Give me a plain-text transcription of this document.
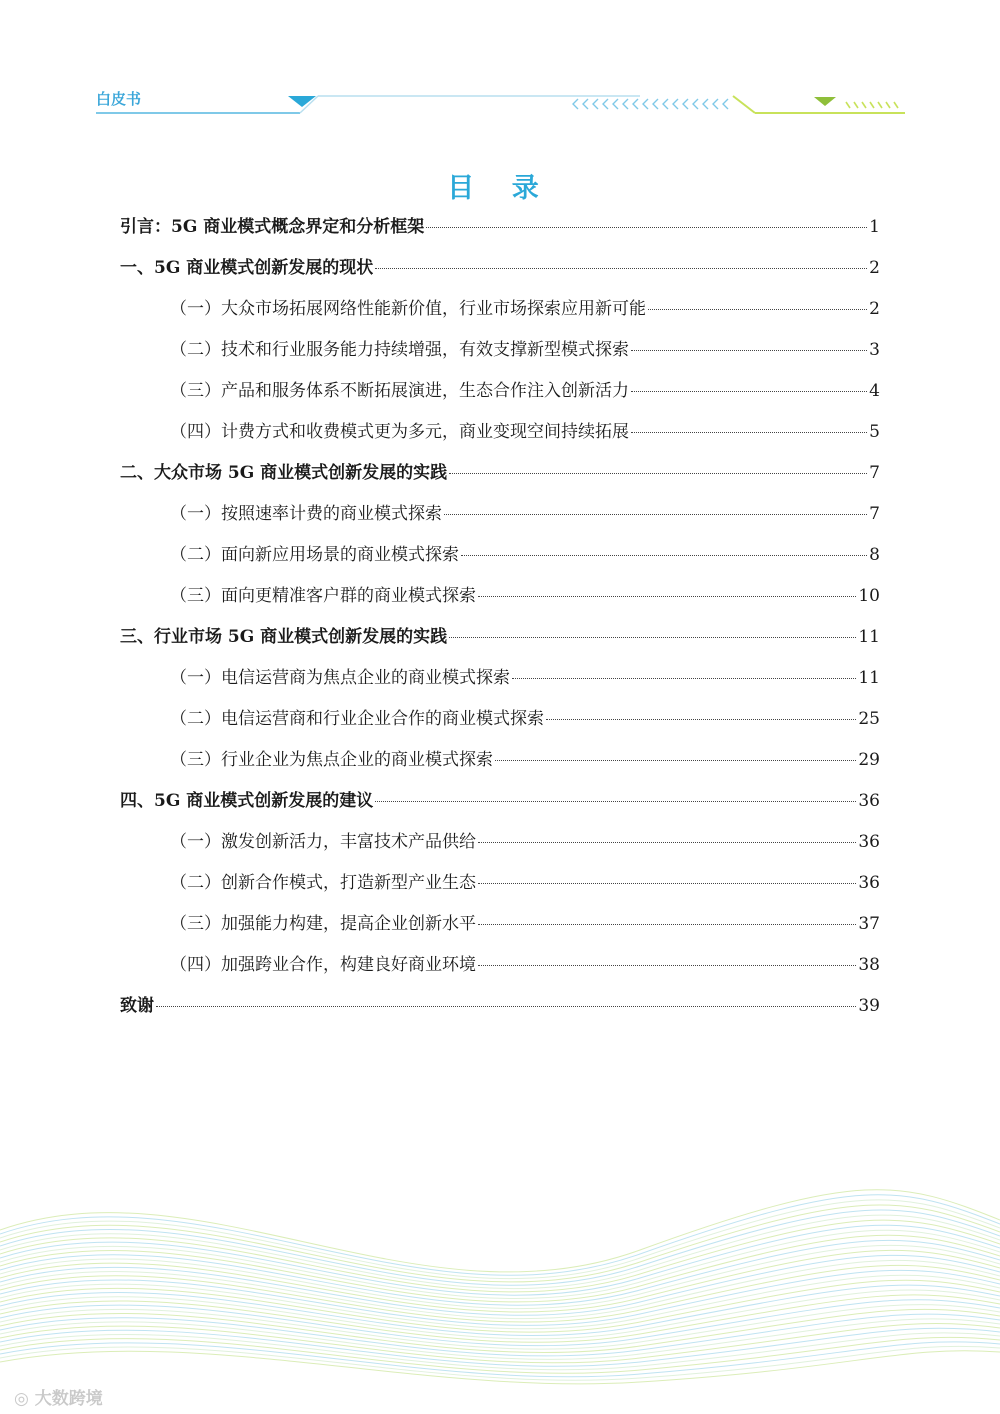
白皮书
目 录
引言：5G 商业模式概念界定和分析框架	1
一、5G 商业模式创新发展的现状	2
（一）大众市场拓展网络性能新价值，行业市场探索应用新可能	2
（二）技术和行业服务能力持续增强，有效支撑新型模式探索	3
（三）产品和服务体系不断拓展演进，生态合作注入创新活力	4
（四）计费方式和收费模式更为多元，商业变现空间持续拓展	5
二、大众市场 5G 商业模式创新发展的实践	7
（一）按照速率计费的商业模式探索	7
（二）面向新应用场景的商业模式探索	8
（三）面向更精准客户群的商业模式探索	10
三、行业市场 5G 商业模式创新发展的实践	11
（一）电信运营商为焦点企业的商业模式探索	11
（二）电信运营商和行业企业合作的商业模式探索	25
（三）行业企业为焦点企业的商业模式探索	29
四、5G 商业模式创新发展的建议	36
（一）激发创新活力，丰富技术产品供给	36
（二）创新合作模式，打造新型产业生态	36
（三）加强能力构建，提高企业创新水平	37
（四）加强跨业合作，构建良好商业环境	38
致谢	39
◎ 大数跨境
